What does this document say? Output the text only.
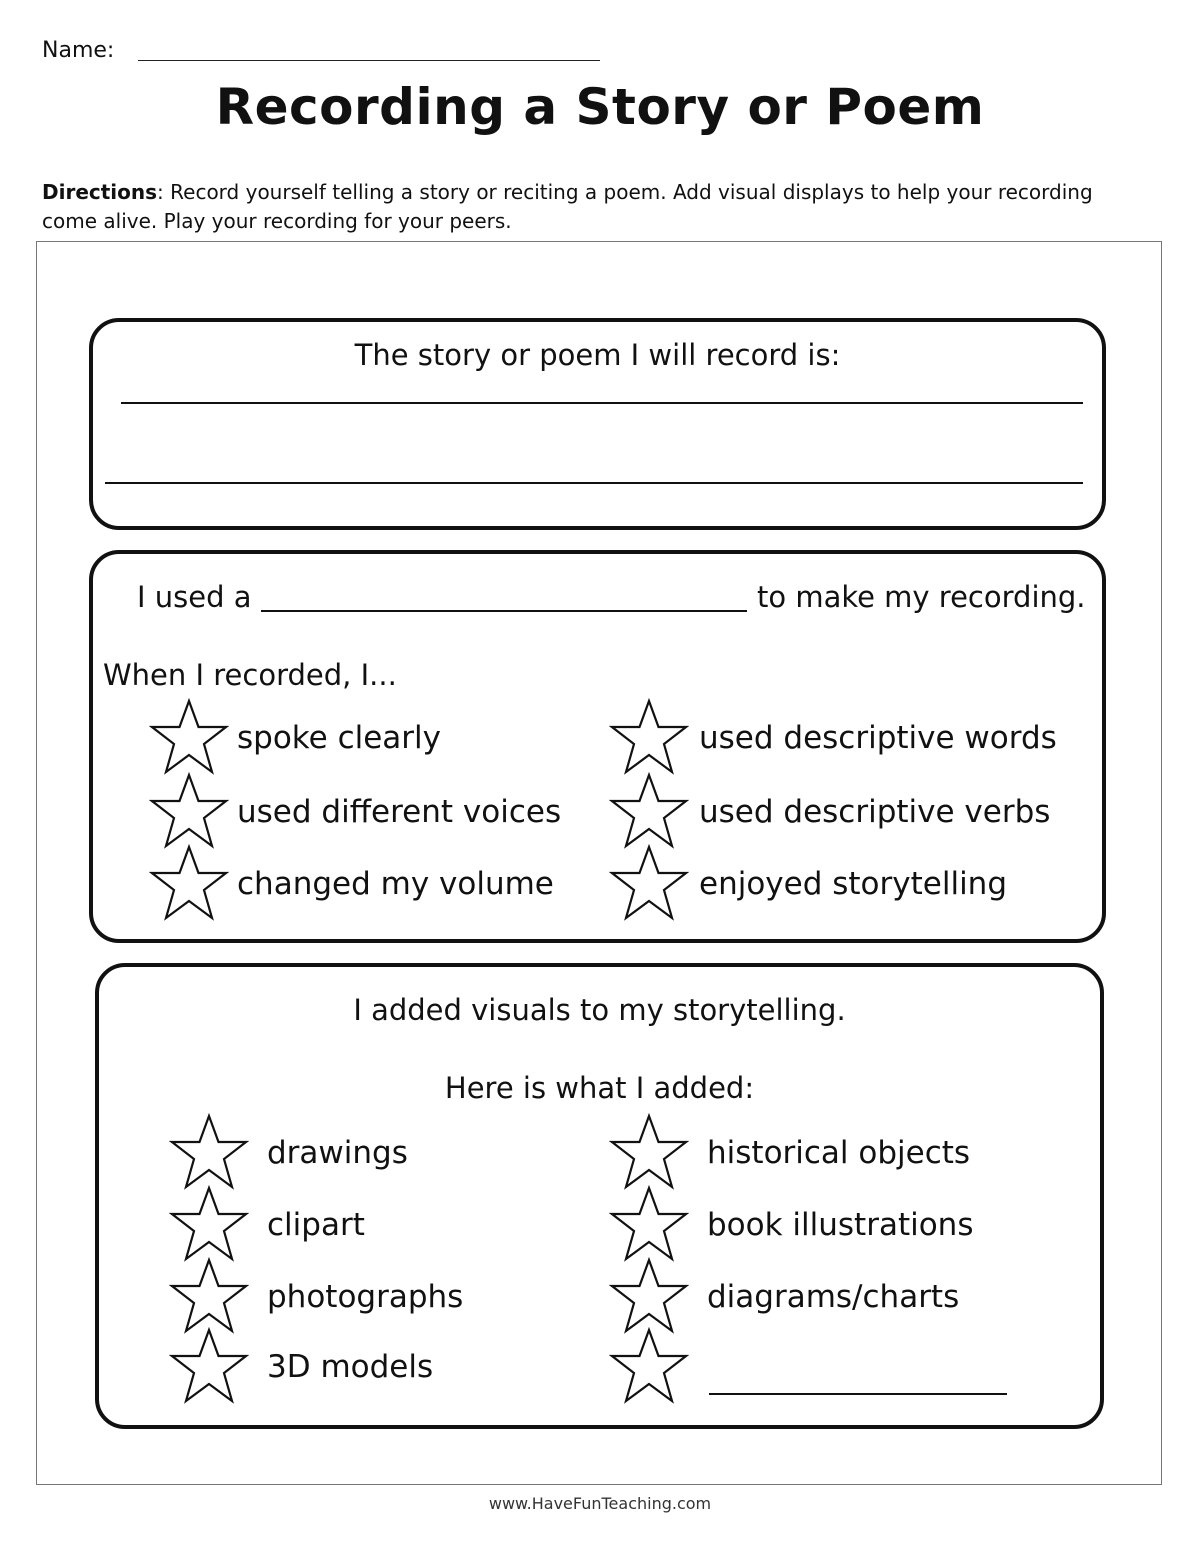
Name:
Recording a Story or Poem
Directions: Record yourself telling a story or reciting a poem. Add visual displays to help your recording come alive. Play your recording for your peers.
The story or poem I will record is:
I used a	to make my recording.
When I recorded, I...
spoke clearly	used descriptive words
used different voices	used descriptive verbs
changed my volume	enjoyed storytelling
I added visuals to my storytelling.
Here is what I added:
drawings	historical objects
clipart	book illustrations
photographs	diagrams/charts
3D models
www.HaveFunTeaching.com
